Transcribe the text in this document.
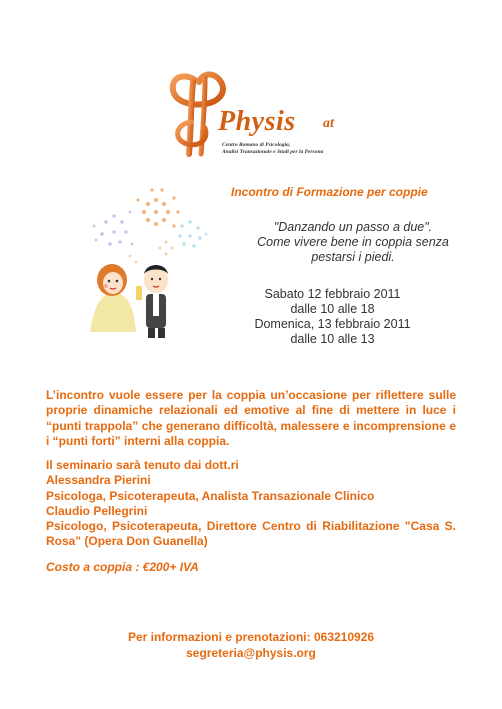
Physis at
Centro Romano di Psicologia,
Analisi Transazionale e Studi per la Persona
Incontro di Formazione per coppie
"Danzando un passo a due".
Come vivere bene in coppia senza
pestarsi i piedi.
Sabato 12 febbraio 2011
dalle 10 alle 18
Domenica, 13 febbraio 2011
dalle 10 alle 13
L’incontro vuole essere per la coppia un’occasione per riflettere sulle proprie dinamiche relazionali ed emotive al fine di mettere in luce i “punti trappola” che generano difficoltà, malessere e incomprensione e i “punti forti” interni alla coppia.
Il seminario sarà tenuto dai dott.ri
Alessandra Pierini
Psicologa, Psicoterapeuta, Analista Transazionale Clinico
Claudio Pellegrini
Psicologo, Psicoterapeuta, Direttore Centro di Riabilitazione "Casa S.
Rosa" (Opera Don Guanella)
Costo a coppia : €200+ IVA
Per informazioni e prenotazioni: 063210926
segreteria@physis.org
